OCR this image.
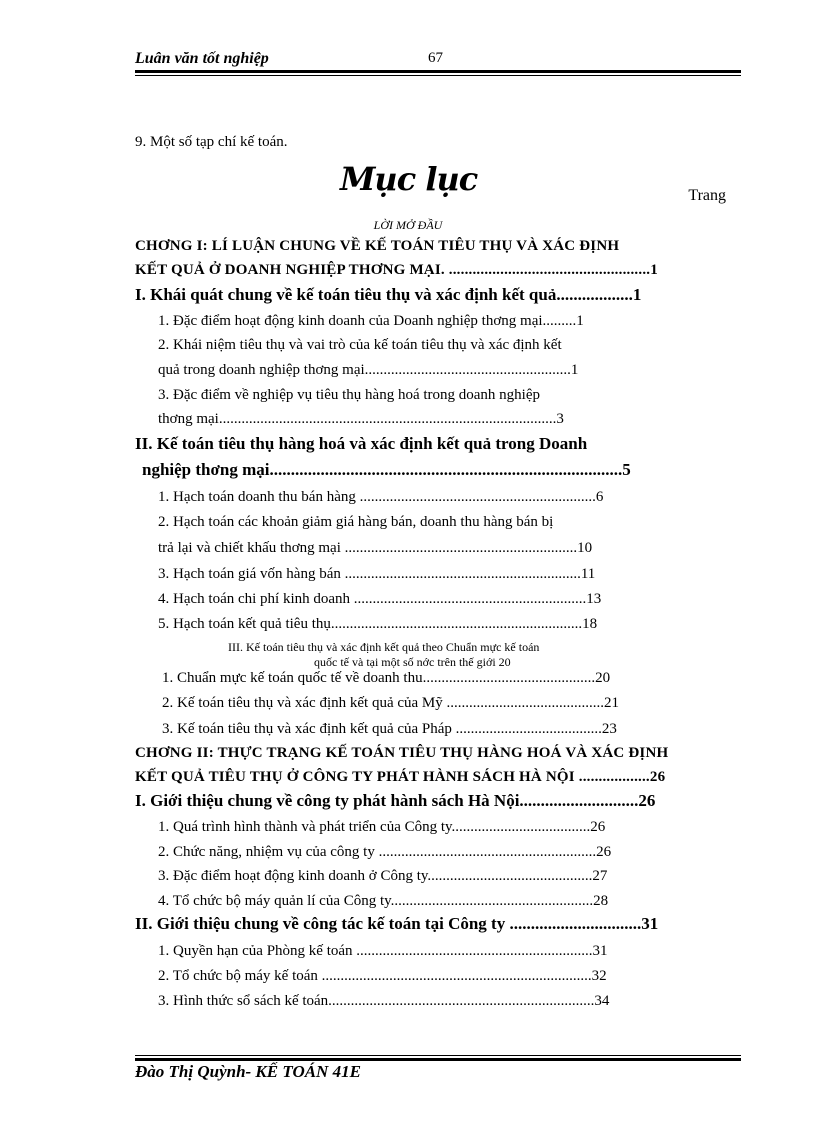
Luân văn tốt nghiệp	67
9. Một số tạp chí kế toán.
Mục lục	Trang
LỜI MỞ ĐẦU
CHƠNG I: LÍ LUẬN CHUNG VỀ KẾ TOÁN TIÊU THỤ VÀ XÁC ĐỊNH
KẾT QUẢ Ở DOANH NGHIỆP THƠNG MẠI. ...................................................1
I. Khái quát chung về kế toán tiêu thụ và xác định kết quả..................1
1. Đặc điểm hoạt động kinh doanh của Doanh nghiệp thơng mại.........1
2. Khái niệm tiêu thụ và vai trò của kế toán tiêu thụ và xác định kết
quả trong doanh nghiệp thơng mại.......................................................1
3. Đặc điểm về nghiệp vụ tiêu thụ hàng hoá trong doanh nghiệp
thơng mại..........................................................................................3
II. Kế toán tiêu thụ hàng hoá và xác định kết quả trong Doanh
nghiệp thơng mại...................................................................................5
1. Hạch toán doanh thu bán hàng ...............................................................6
2. Hạch toán các khoản giảm giá hàng bán, doanh thu hàng bán bị
trả lại và chiết khấu thơng mại ..............................................................10
3. Hạch toán giá vốn hàng bán ...............................................................11
4. Hạch toán chi phí kinh doanh ..............................................................13
5. Hạch toán kết quả tiêu thụ...................................................................18
III. Kế toán tiêu thụ và xác định kết quả theo Chuẩn mực kế toán
quốc tế và tại một số nớc trên thế giới 20
1. Chuẩn mực kế toán quốc tế về doanh thu..............................................20
2. Kế toán tiêu thụ và xác định kết quả của Mỹ ..........................................21
3. Kế toán tiêu thụ và xác định kết quả của Pháp .......................................23
CHƠNG II: THỰC TRẠNG KẾ TOÁN TIÊU THỤ HÀNG HOÁ VÀ XÁC ĐỊNH
KẾT QUẢ TIÊU THỤ Ở CÔNG TY PHÁT HÀNH SÁCH HÀ NỘI ..................26
I. Giới thiệu chung về công ty phát hành sách Hà Nội............................26
1. Quá trình hình thành và phát triển của Công ty.....................................26
2. Chức năng, nhiệm vụ của công ty ..........................................................26
3. Đặc điểm hoạt động kinh doanh ở Công ty............................................27
4. Tổ chức bộ máy quản lí của Công ty......................................................28
II. Giới thiệu chung về công tác kế toán tại Công ty ...............................31
1. Quyền hạn của Phòng kế toán ...............................................................31
2. Tổ chức bộ máy kế toán ........................................................................32
3. Hình thức sổ sách kế toán.......................................................................34
Đào Thị Quỳnh- KẾ TOÁN 41E
